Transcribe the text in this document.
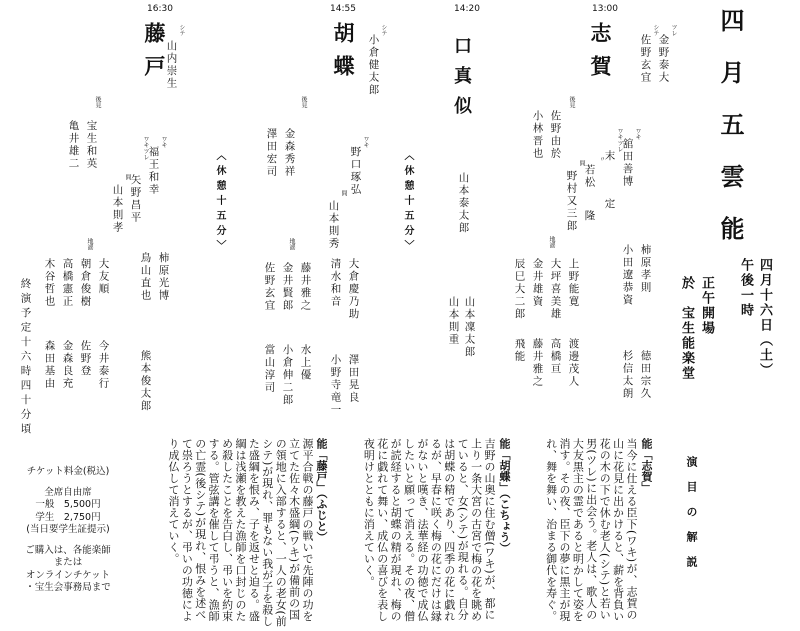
四月五雲能
四月十六日（土）
午後一時
正午開場
於　宝生能楽堂
13:00
志賀	ツレ
金野泰大
シテ
佐野玄宜
ワキ
舘田善博
ワキツレ
末
定
〃
若松
隆
間
野村又三郎
柿原孝則
小田遼恭資
徳田宗久
杉信太朗
後見
佐野由於
小林晋也
地謡
上野能寛
大坪喜美雄
金井雄資
辰巳大二郎
渡邊茂人
高橋亘
藤井雅之
飛能
14:20
口真似
山本泰太郎
山本凜太郎
山本則重
14:55
胡蝶	シテ
小倉健太郎
ワキ
野口琢弘
間
山本則秀
後見
金森秀祥
澤田宏司
大倉慶乃助
清水和音
澤田晃良
小野寺竜一
地謡
藤井雅之
金井賢郎
佐野玄宜
水上優
小倉伸二郎
當山淳司
〈休憩十五分〉
16:30
藤戸 シテ
山内崇生
ワキ
福王和幸
ワキツレ
矢野昌平
間
山本則孝
後見
宝生和英
亀井雄二
柿原光博
鳥山直也
熊本俊太郎
地謡
大友順
朝倉俊樹
高橋憲正
今井泰行
佐野登
金森良充
木谷哲也
森田基由
〈休憩十五分〉
終演予定十六時四十分頃
チケット料金(税込)
全席自由席
一般　5,500円
学生　2,750円
(当日要学生証提示)
ご購入は、各能楽師
または
オンラインチケット
・宝生会事務局まで
演目の解説
能「志賀」
当今に仕える臣下(ワキ)が、志賀の山に花見に出かけると、薪を背負い花の木の下で休む老人(シテ)と若い男(ツレ)に出会う。老人は、歌人の大友黒主の霊であると明かして姿を消す。その夜、臣下の夢に黒主が現れ、舞を舞い、治まる御代を寿ぐ。
能「胡蝶」（こちょう）
吉野の山奥に住む僧(ワキ)が、都に上り一条大宮の古宮で梅の花を眺めていると、女(シテ)が現れる。自分は胡蝶の精であり、四季の花に戯れるが、早春に咲く梅の花にだけは縁がないと嘆き、法華経の功徳で成仏したいと願って消える。その夜、僧が読経すると胡蝶の精が現れ、梅の花に戯れて舞い、成仏の喜びを表し夜明けとともに消えていく。
能「藤戸」（ふじと）
源平合戦の藤戸の戦いで先陣の功を立てた佐々木盛綱(ワキ)が備前の国の領地に入部すると、一人の老女(前シテ)が現れ、罪もない我が子を殺した盛綱を恨み、子を返せと迫る。盛綱は浅瀬を教えた漁師を口封じのため殺したことを告白し、弔いを約束する。管弦講を催して弔うと、漁師の亡霊(後シテ)が現れ、恨みを述べて祟ろうとするが、弔いの功徳により成仏して消えていく。
